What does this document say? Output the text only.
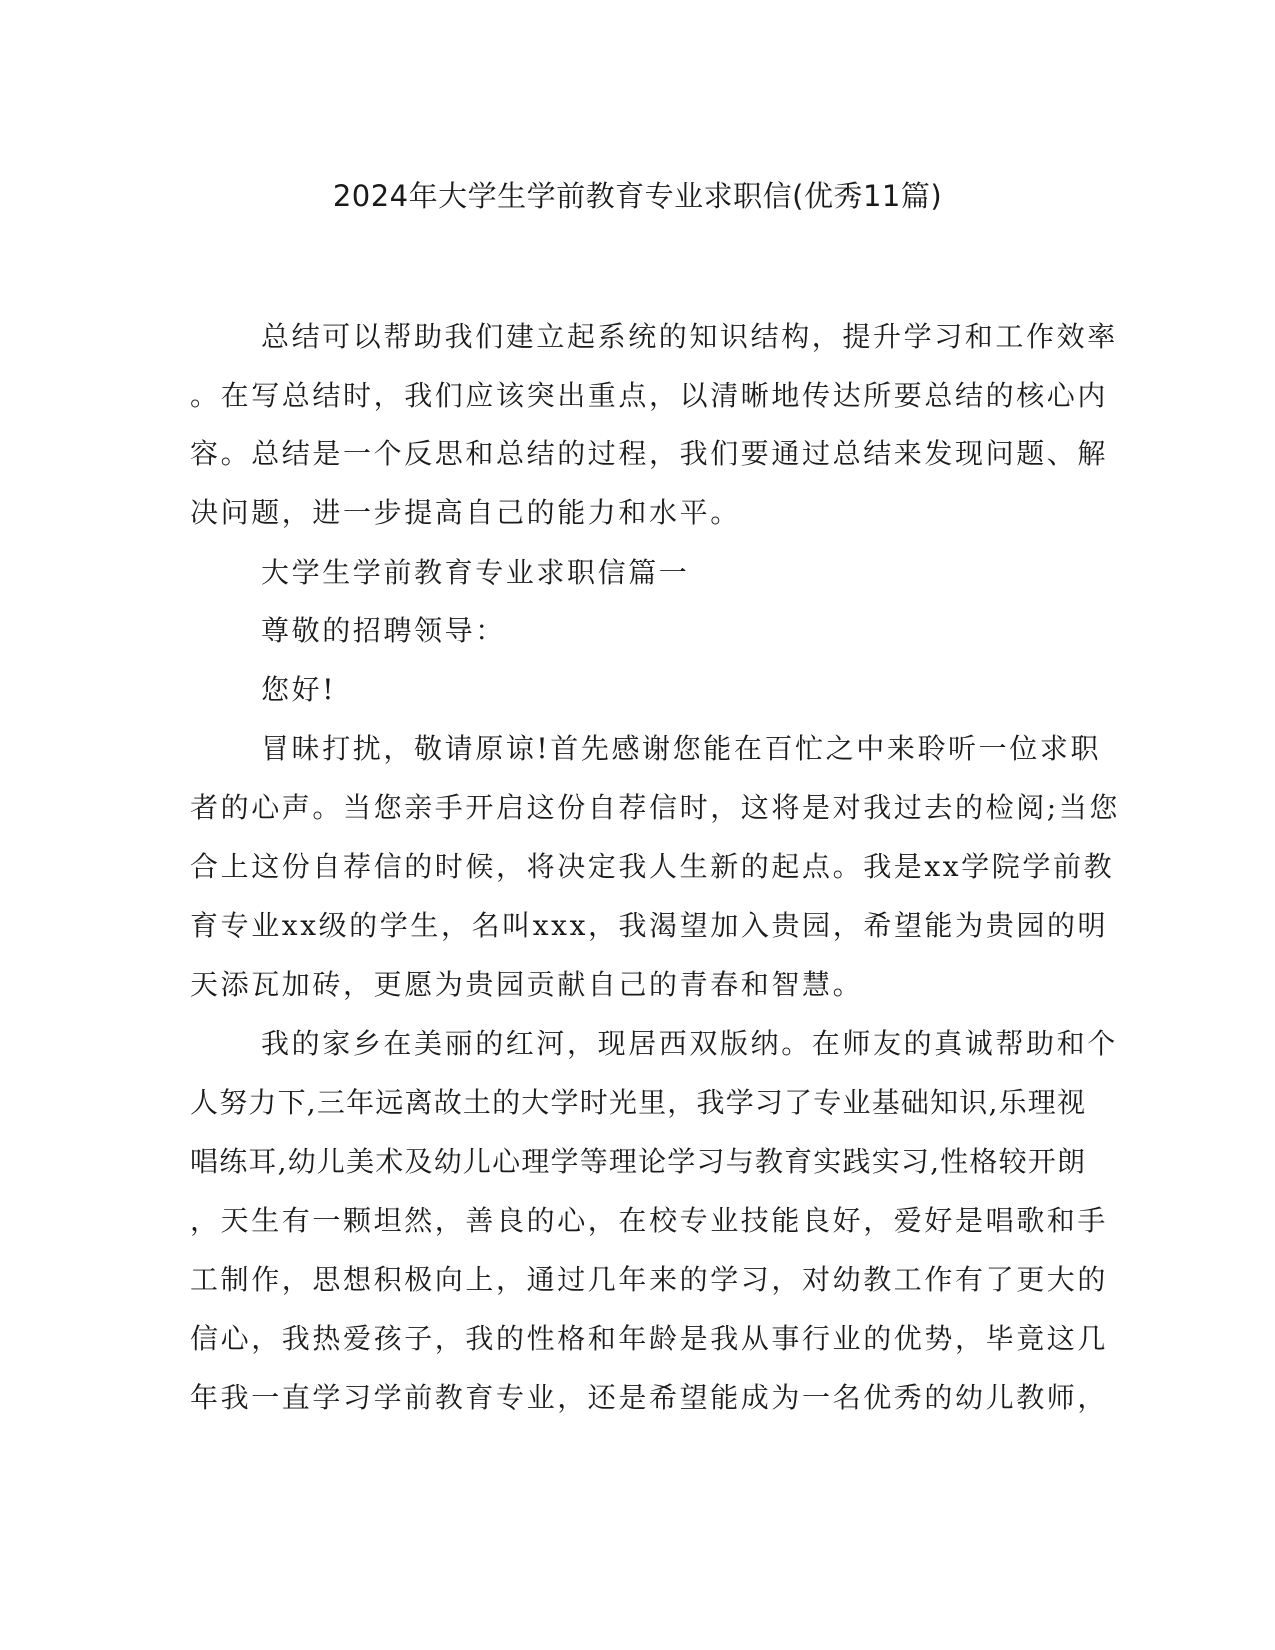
2024年大学生学前教育专业求职信(优秀11篇)
总结可以帮助我们建立起系统的知识结构，提升学习和工作效率
。在写总结时，我们应该突出重点，以清晰地传达所要总结的核心内
容。总结是一个反思和总结的过程，我们要通过总结来发现问题、解
决问题，进一步提高自己的能力和水平。
大学生学前教育专业求职信篇一
尊敬的招聘领导：
您好!
冒昧打扰，敬请原谅!首先感谢您能在百忙之中来聆听一位求职
者的心声。当您亲手开启这份自荐信时，这将是对我过去的检阅;当您
合上这份自荐信的时候，将决定我人生新的起点。我是xx学院学前教
育专业xx级的学生，名叫xxx，我渴望加入贵园，希望能为贵园的明
天添瓦加砖，更愿为贵园贡献自己的青春和智慧。
我的家乡在美丽的红河，现居西双版纳。在师友的真诚帮助和个
人努力下,三年远离故土的大学时光里，我学习了专业基础知识,乐理视
唱练耳,幼儿美术及幼儿心理学等理论学习与教育实践实习,性格较开朗
，天生有一颗坦然，善良的心，在校专业技能良好，爱好是唱歌和手
工制作，思想积极向上，通过几年来的学习，对幼教工作有了更大的
信心，我热爱孩子，我的性格和年龄是我从事行业的优势，毕竟这几
年我一直学习学前教育专业，还是希望能成为一名优秀的幼儿教师，
